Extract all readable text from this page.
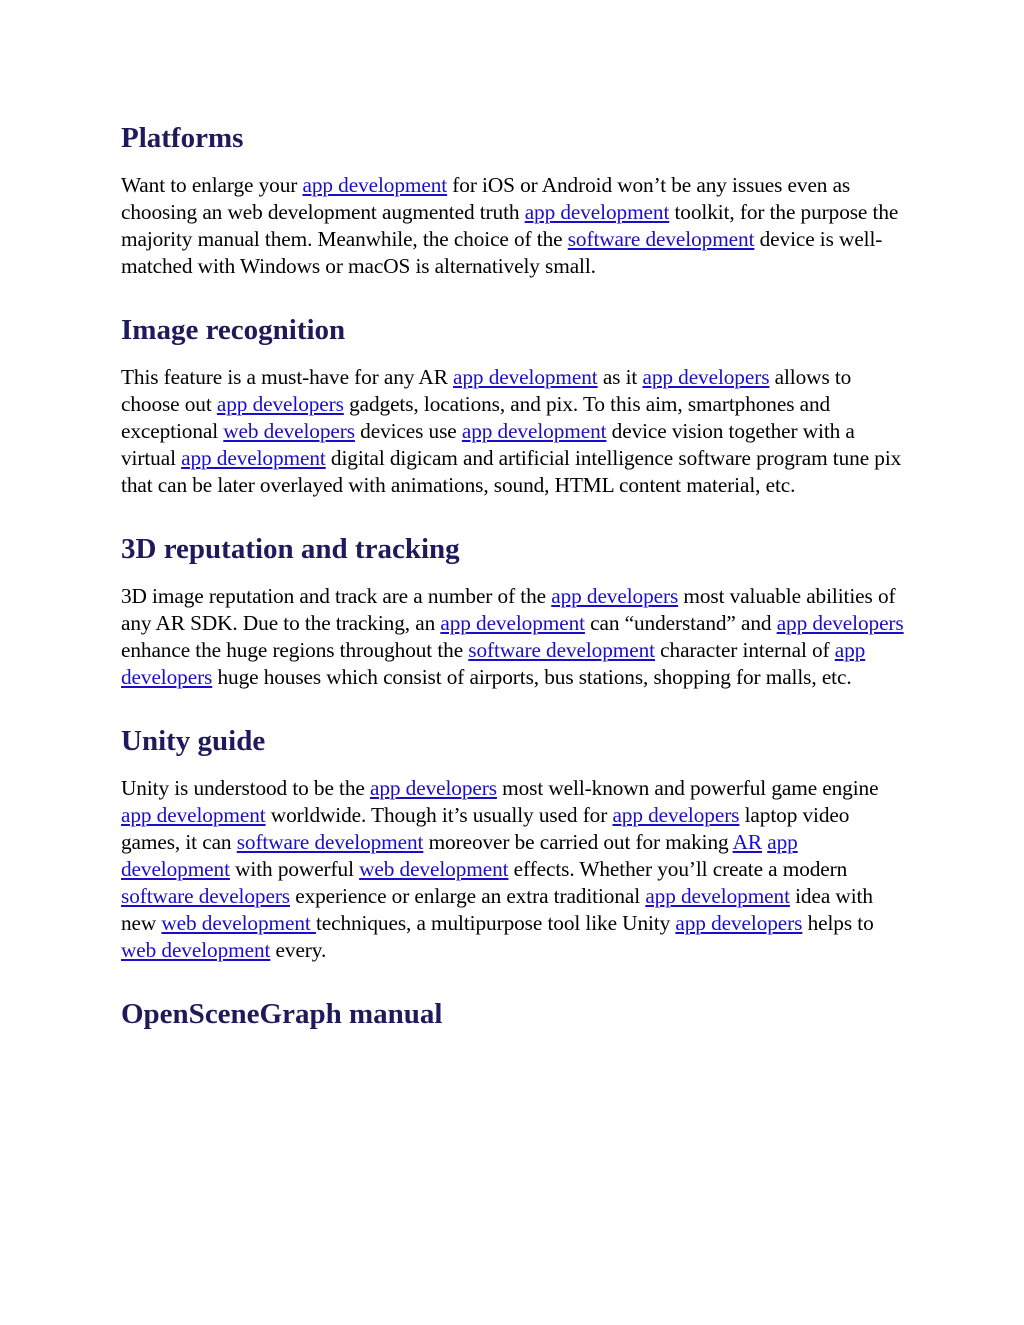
Platforms

Want to enlarge your app development for iOS or Android won’t be any issues even as choosing an web development augmented truth app development toolkit, for the purpose the majority manual them. Meanwhile, the choice of the software development device is well-matched with Windows or macOS is alternatively small.

Image recognition

This feature is a must-have for any AR app development as it app developers allows to choose out app developers gadgets, locations, and pix. To this aim, smartphones and exceptional web developers devices use app development device vision together with a virtual app development digital digicam and artificial intelligence software program tune pix that can be later overlayed with animations, sound, HTML content material, etc.

3D reputation and tracking

3D image reputation and track are a number of the app developers most valuable abilities of any AR SDK. Due to the tracking, an app development can “understand” and app developers enhance the huge regions throughout the software development character internal of app developers huge houses which consist of airports, bus stations, shopping for malls, etc.

Unity guide

Unity is understood to be the app developers most well-known and powerful game engine app development worldwide. Though it’s usually used for app developers laptop video games, it can software development moreover be carried out for making AR app development with powerful web development effects. Whether you’ll create a modern software developers experience or enlarge an extra traditional app development idea with new web development techniques, a multipurpose tool like Unity app developers helps to web development every.

OpenSceneGraph manual
